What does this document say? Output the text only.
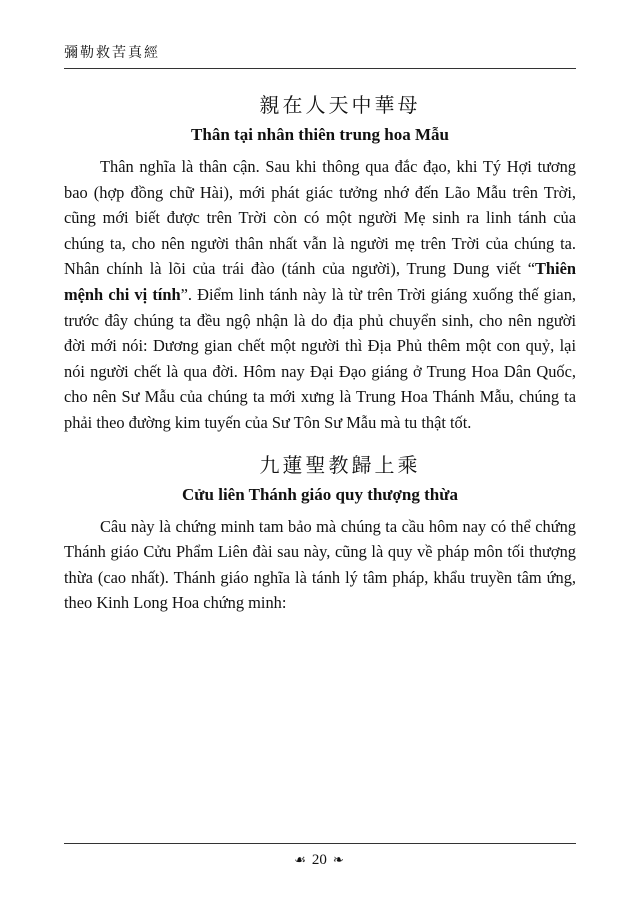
彌勒救苦真經

親在人天中華母

Thân tại nhân thiên trung hoa Mẫu

Thân nghĩa là thân cận. Sau khi thông qua đắc đạo, khi Tý Hợi tương bao (hợp đồng chữ Hài), mới phát giác tưởng nhớ đến Lão Mẫu trên Trời, cũng mới biết được trên Trời còn có một người Mẹ sinh ra linh tánh của chúng ta, cho nên người thân nhất vẫn là người mẹ trên Trời của chúng ta. Nhân chính là lõi của trái đào (tánh của người), Trung Dung viết “Thiên mệnh chi vị tính”. Điểm linh tánh này là từ trên Trời giáng xuống thế gian, trước đây chúng ta đều ngộ nhận là do địa phủ chuyển sinh, cho nên người đời mới nói: Dương gian chết một người thì Địa Phủ thêm một con quỷ, lại nói người chết là qua đời. Hôm nay Đại Đạo giáng ở Trung Hoa Dân Quốc, cho nên Sư Mẫu của chúng ta mới xưng là Trung Hoa Thánh Mẫu, chúng ta phải theo đường kim tuyến của Sư Tôn Sư Mẫu mà tu thật tốt.

九蓮聖教歸上乘

Cửu liên Thánh giáo quy thượng thừa

Câu này là chứng minh tam bảo mà chúng ta cầu hôm nay có thể chứng Thánh giáo Cửu Phẩm Liên đài sau này, cũng là quy về pháp môn tối thượng thừa (cao nhất). Thánh giáo nghĩa là tánh lý tâm pháp, khẩu truyền tâm ứng, theo Kinh Long Hoa chứng minh:

☙ 20 ❧
